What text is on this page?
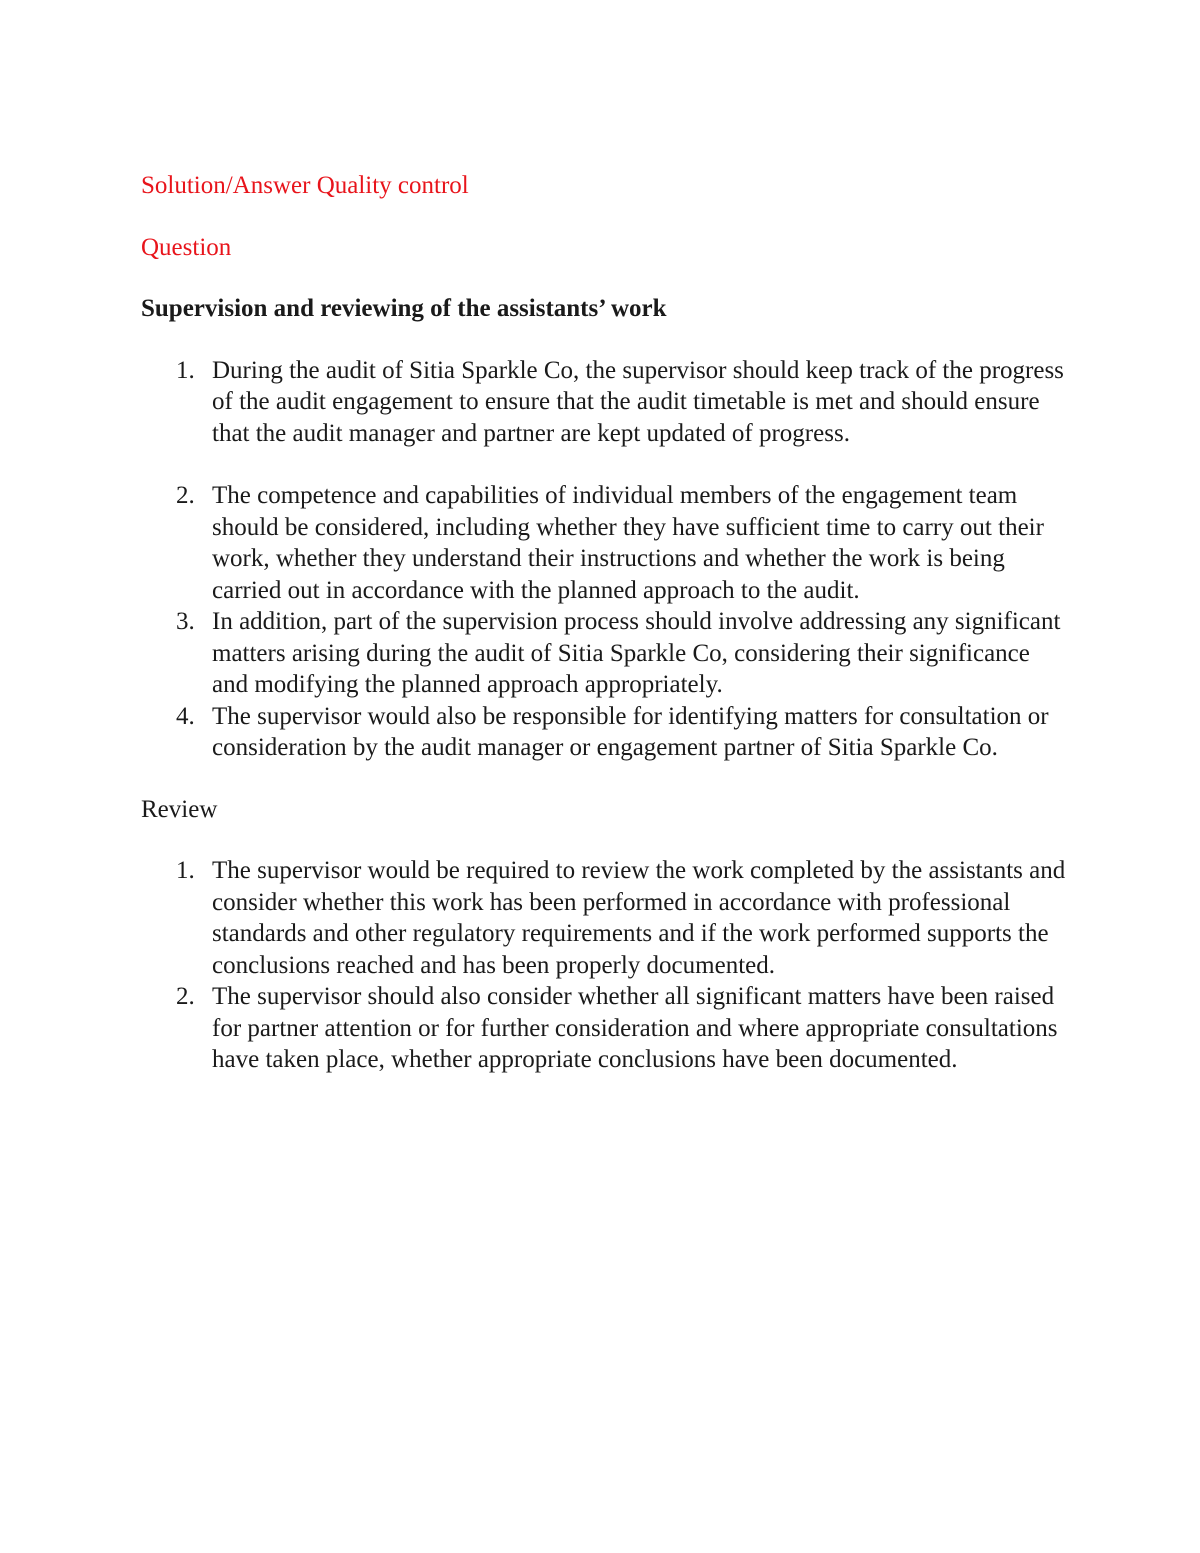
Solution/Answer Quality control

Question

Supervision and reviewing of the assistants’ work

1. During the audit of Sitia Sparkle Co, the supervisor should keep track of the progress of the audit engagement to ensure that the audit timetable is met and should ensure that the audit manager and partner are kept updated of progress.
2. The competence and capabilities of individual members of the engagement team should be considered, including whether they have sufficient time to carry out their work, whether they understand their instructions and whether the work is being carried out in accordance with the planned approach to the audit.
3. In addition, part of the supervision process should involve addressing any significant matters arising during the audit of Sitia Sparkle Co, considering their significance and modifying the planned approach appropriately.
4. The supervisor would also be responsible for identifying matters for consultation or consideration by the audit manager or engagement partner of Sitia Sparkle Co.

Review

1. The supervisor would be required to review the work completed by the assistants and consider whether this work has been performed in accordance with professional standards and other regulatory requirements and if the work performed supports the conclusions reached and has been properly documented.
2. The supervisor should also consider whether all significant matters have been raised for partner attention or for further consideration and where appropriate consultations have taken place, whether appropriate conclusions have been documented.
